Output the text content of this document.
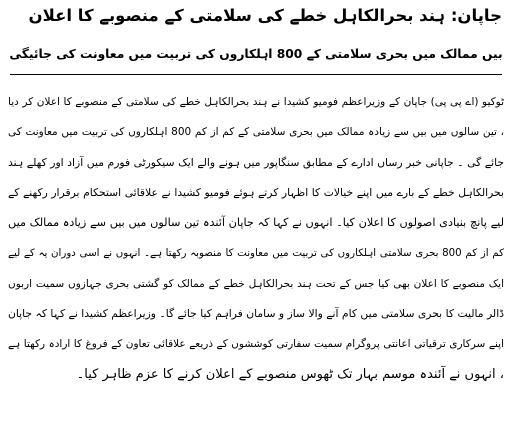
جاپان: ہند بحرالکاہل خطے کی سلامتی کے منصوبے کا اعلان
بیں ممالک میں بحری سلامتی کے 800 اہلکاروں کی تربیت میں معاونت کی جائیگی
ٹوکیو (اے پی پی) جاپان کے وزیراعظم فومیو کشیدا نے ہند بحرالکاہل خطے کی سلامتی کے منصوبے کا اعلان کر دیا
، تین سالوں میں بیں سے زیادہ ممالک میں بحری سلامتی کے کم از کم 800 اہلکاروں کی تربیت میں معاونت کی
جائے گی ۔ جاپانی خبر رساں ادارے کے مطابق سنگاپور میں ہونے والے ایک سیکورٹی فورم میں آزاد اور کھلے ہند
بحرالکاہل خطے کے بارے میں اپنے خیالات کا اظہار کرتے ہوئے فومیو کشیدا نے علاقائی استحکام برقرار رکھنے کے
لیے پانچ بنیادی اصولوں کا اعلان کیا۔ انہوں نے کہا کہ جاپان آئندہ تین سالوں میں بیں سے زیادہ ممالک میں
کم از کم 800 بحری سلامتی اہلکاروں کی تربیت میں معاونت کا منصوبہ رکھتا ہے۔ انہوں نے اسی دوران یہ کے لیے
ایک منصوبے کا اعلان بھی کیا جس کے تحت ہند بحرالکاہل خطے کے ممالک کو گشتی بحری جہازوں سمیت اربوں
ڈالر مالیت کا بحری سلامتی میں کام آنے والا ساز و سامان فراہم کیا جائے گا۔ وزیراعظم کشیدا نے کہا کہ جاپان
اپنے سرکاری ترقیاتی اعانتی پروگرام سمیت سفارتی کوششوں کے ذریعے علاقائی تعاون کے فروغ کا ارادہ رکھتا ہے
، انہوں نے آئندہ موسم بہار تک ٹھوس منصوبے کے اعلان کرنے کا عزم ظاہر کیا۔
